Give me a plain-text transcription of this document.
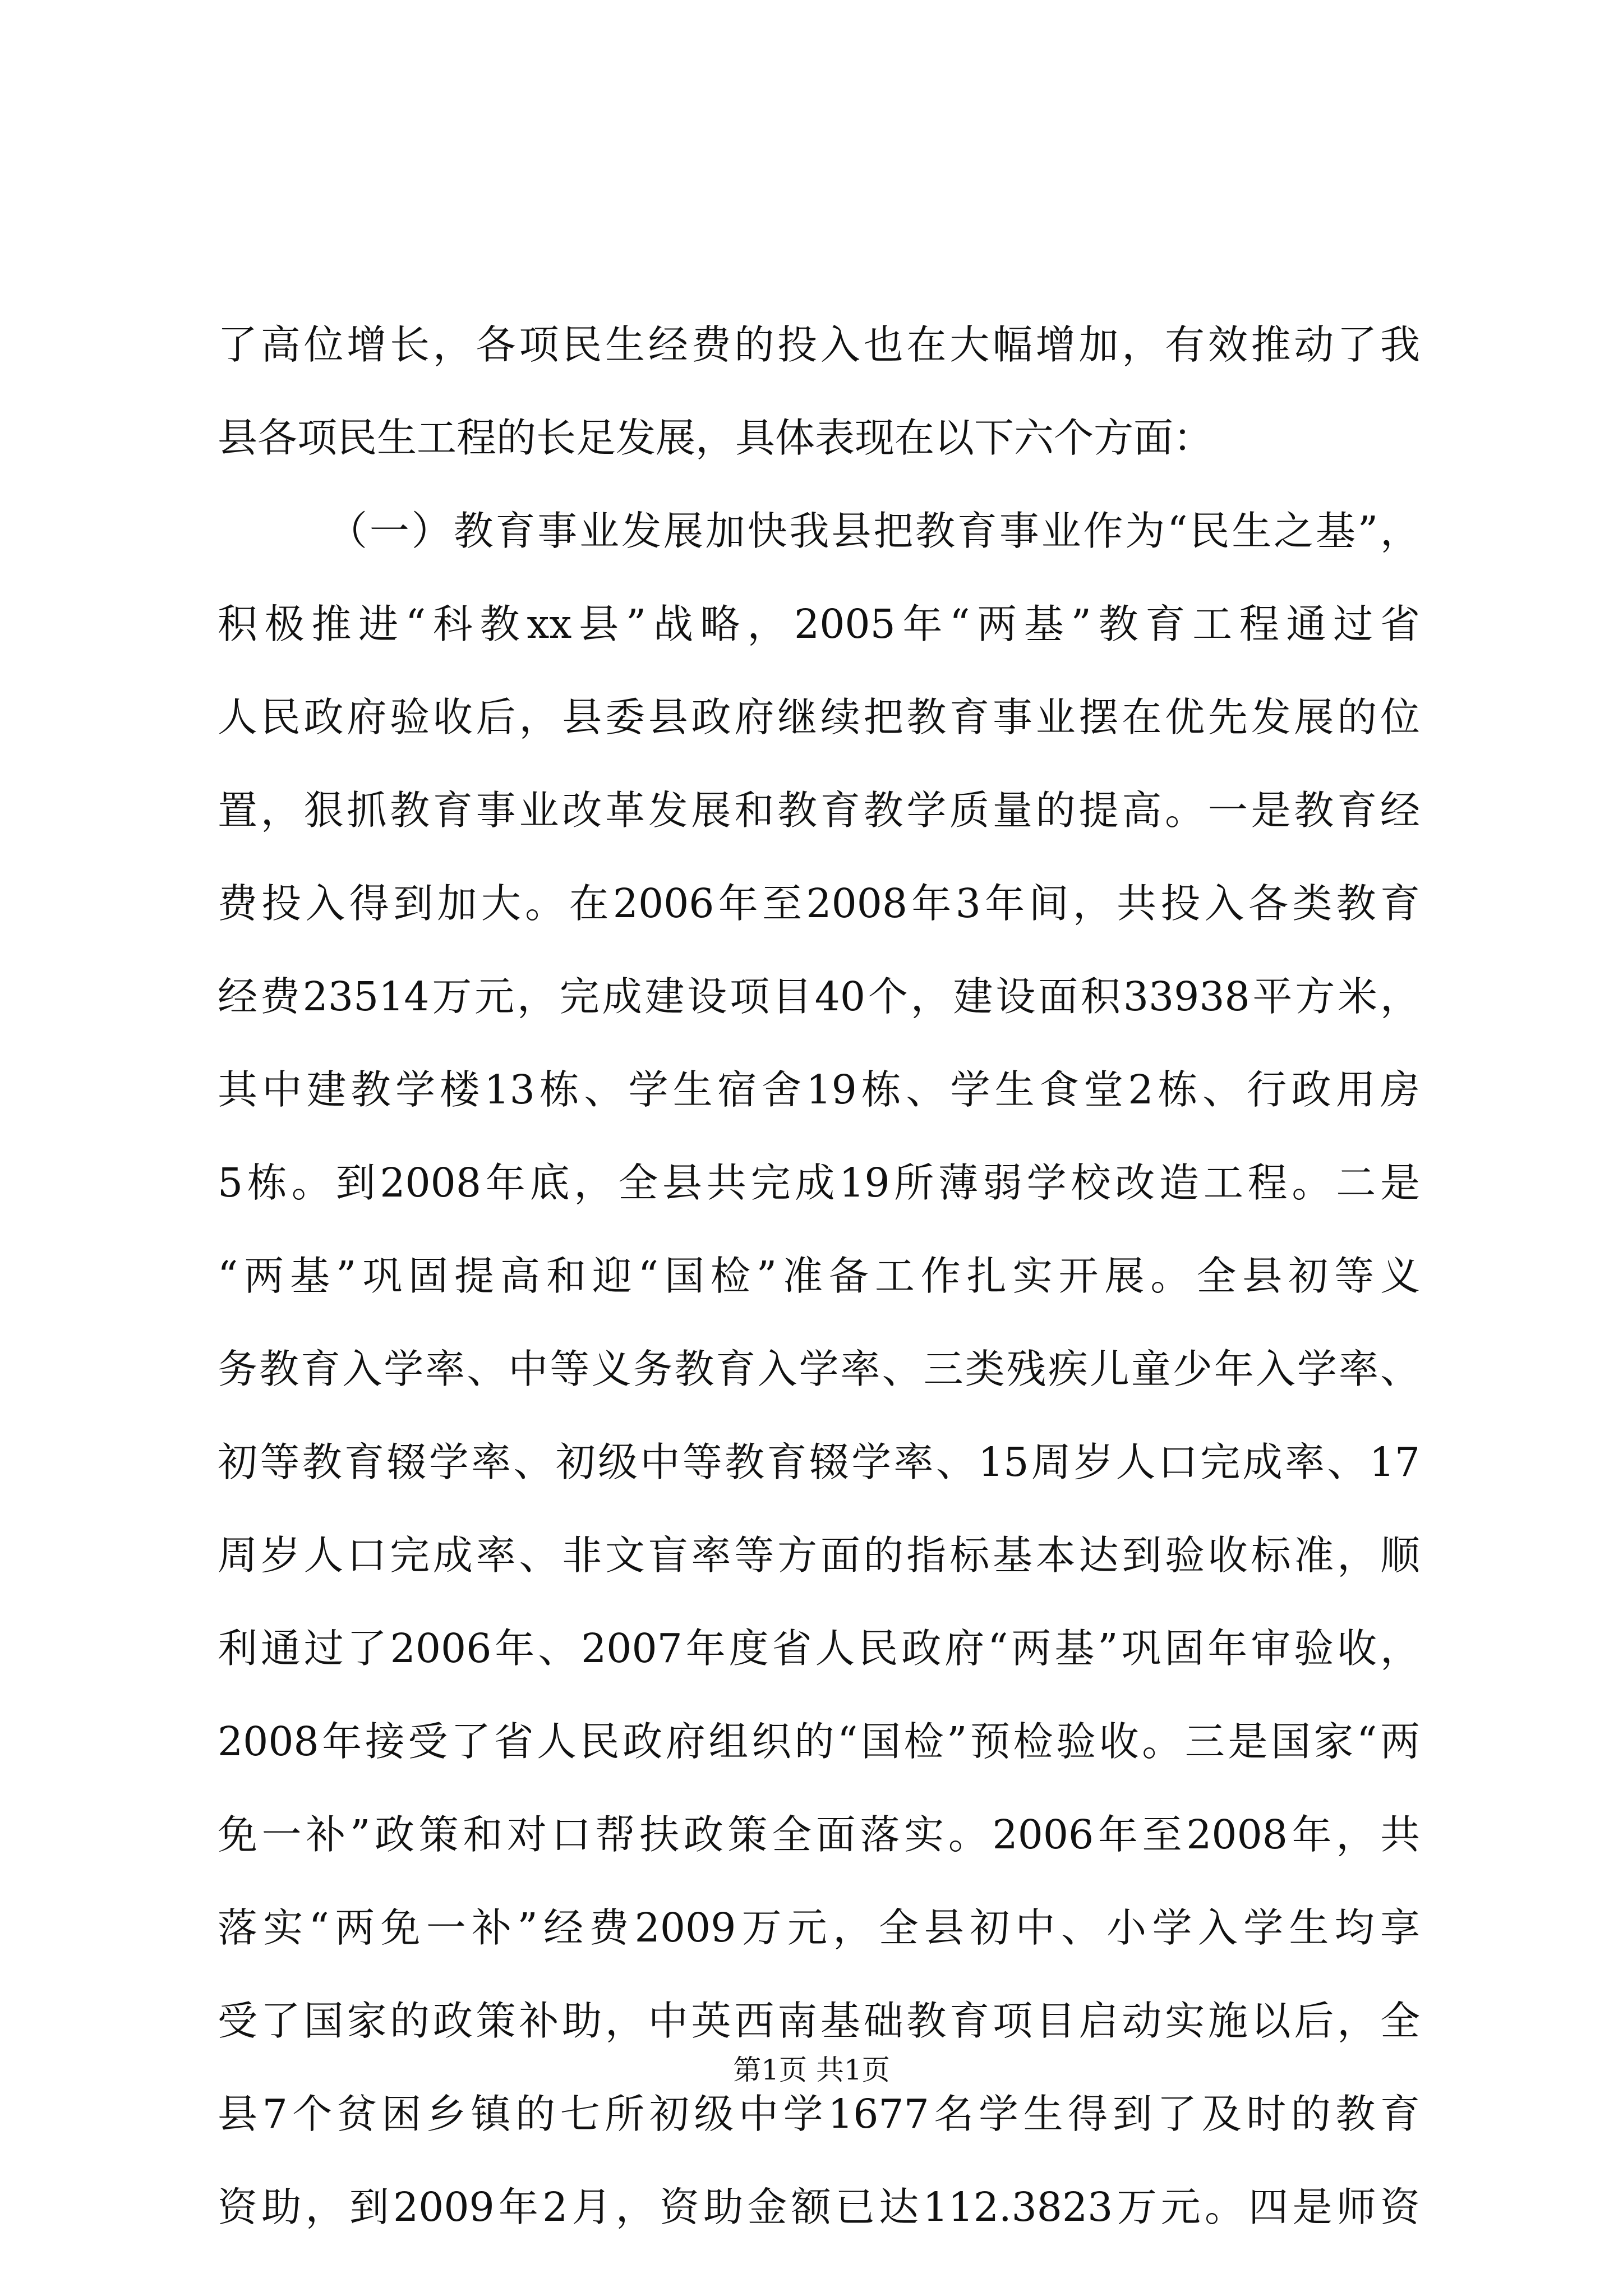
了高位增长，各项民生经费的投入也在大幅增加，有效推动了我
县各项民生工程的长足发展，具体表现在以下六个方面：
（一）教育事业发展加快我县把教育事业作为“民生之基”，
积极推进“科教xx县”战略，2005年“两基”教育工程通过省
人民政府验收后，县委县政府继续把教育事业摆在优先发展的位
置，狠抓教育事业改革发展和教育教学质量的提高。一是教育经
费投入得到加大。在2006年至2008年3年间，共投入各类教育
经费23514万元，完成建设项目40个，建设面积33938平方米，
其中建教学楼13栋、学生宿舍19栋、学生食堂2栋、行政用房
5栋。到2008年底，全县共完成19所薄弱学校改造工程。二是
“两基”巩固提高和迎“国检”准备工作扎实开展。全县初等义
务教育入学率、中等义务教育入学率、三类残疾儿童少年入学率、
初等教育辍学率、初级中等教育辍学率、15周岁人口完成率、17
周岁人口完成率、非文盲率等方面的指标基本达到验收标准，顺
利通过了2006年、2007年度省人民政府“两基”巩固年审验收，
2008年接受了省人民政府组织的“国检”预检验收。三是国家“两
免一补”政策和对口帮扶政策全面落实。2006年至2008年，共
落实“两免一补”经费2009万元，全县初中、小学入学生均享
受了国家的政策补助，中英西南基础教育项目启动实施以后，全
县7个贫困乡镇的七所初级中学1677名学生得到了及时的教育
资助，到2009年2月，资助金额已达112.3823万元。四是师资
第1页 共1页
